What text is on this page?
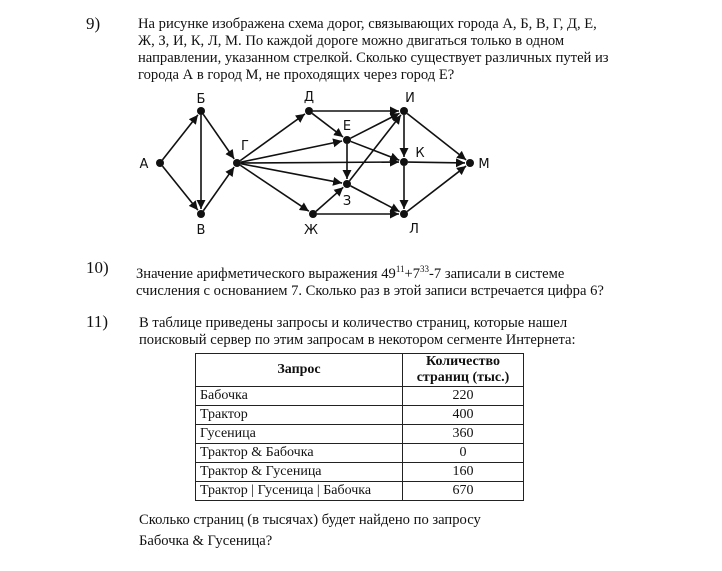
9)	На рисунке изображена схема дорог, связывающих города А, Б, В, Г, Д, Е,
Ж, З, И, К, Л, М. По каждой дороге можно двигаться только в одном
направлении, указанном стрелкой. Сколько существует различных путей из
города А в город М, не проходящих через город Е?
А
Б
В
Г
Д
Е
Ж
З
И
К
Л
М
10) Значение арифметического выражения $49^{11}+7^{33}-7$ записали в системе
счисления с основанием 7. Сколько раз в этой записи встречается цифра 6?
11) В таблице приведены запросы и количество страниц, которые нашел
поисковый сервер по этим запросам в некотором сегменте Интернета:
Запрос	Количество
страниц (тыс.)

Бабочка	220
Трактор	400
Гусеница	360
Трактор & Бабочка	0
Трактор & Гусеница	160
Трактор | Гусеница | Бабочка	670
Сколько страниц (в тысячах) будет найдено по запросу
Бабочка & Гусеница?
